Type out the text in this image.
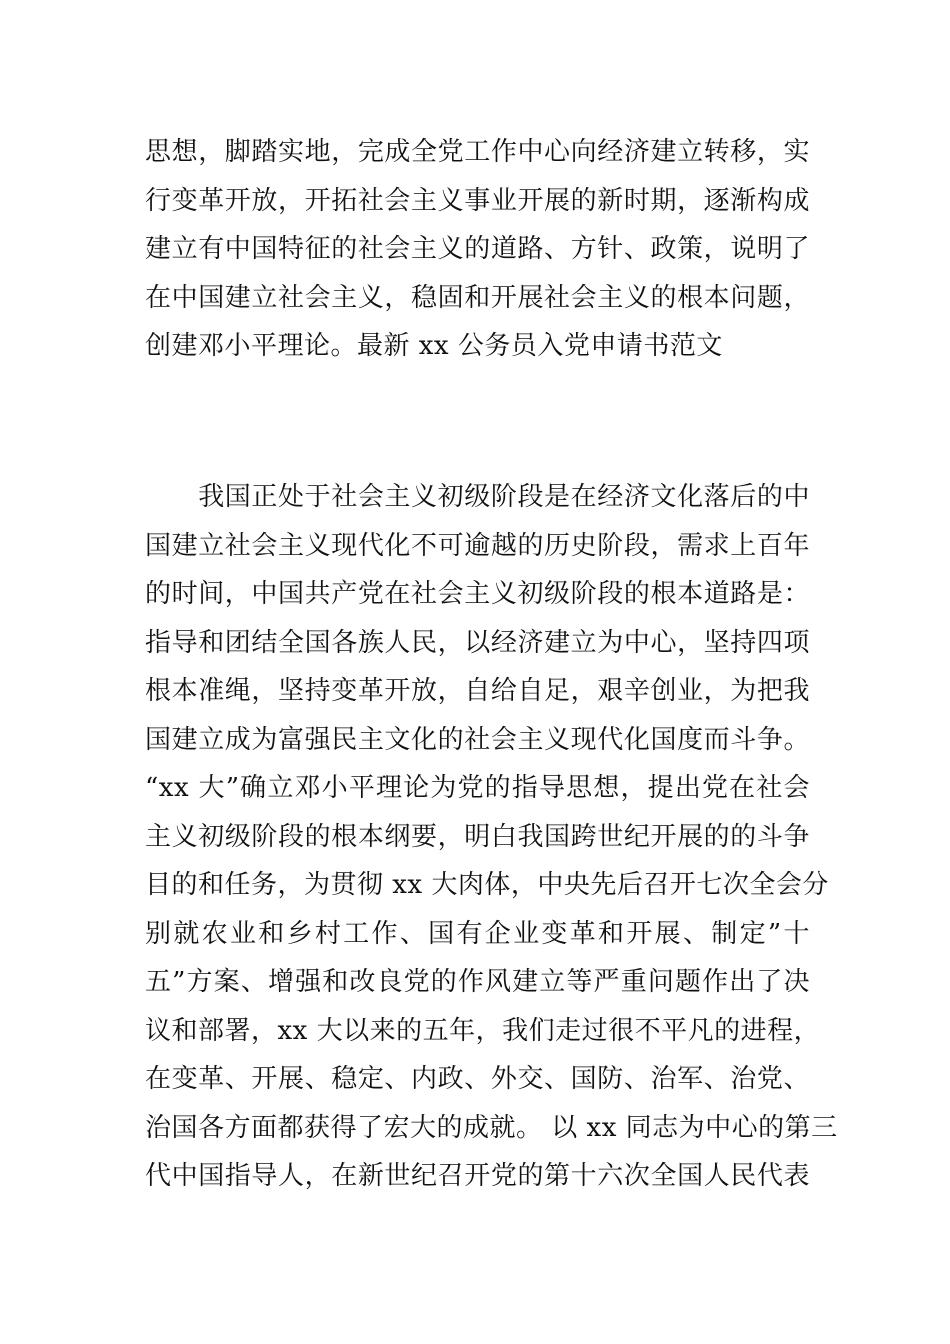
思想，脚踏实地，完成全党工作中心向经济建立转移，实
行变革开放，开拓社会主义事业开展的新时期，逐渐构成
建立有中国特征的社会主义的道路、方针、政策，说明了
在中国建立社会主义，稳固和开展社会主义的根本问题，
创建邓小平理论。最新 xx 公务员入党申请书范文
　　我国正处于社会主义初级阶段是在经济文化落后的中
国建立社会主义现代化不可逾越的历史阶段，需求上百年
的时间，中国共产党在社会主义初级阶段的根本道路是：
指导和团结全国各族人民，以经济建立为中心，坚持四项
根本准绳，坚持变革开放，自给自足，艰辛创业，为把我
国建立成为富强民主文化的社会主义现代化国度而斗争。
“xx 大”确立邓小平理论为党的指导思想，提出党在社会
主义初级阶段的根本纲要，明白我国跨世纪开展的的斗争
目的和任务，为贯彻 xx 大肉体，中央先后召开七次全会分
别就农业和乡村工作、国有企业变革和开展、制定”十
五”方案、增强和改良党的作风建立等严重问题作出了决
议和部署，xx 大以来的五年，我们走过很不平凡的进程，
在变革、开展、稳定、内政、外交、国防、治军、治党、
治国各方面都获得了宏大的成就。 以 xx 同志为中心的第三
代中国指导人，在新世纪召开党的第十六次全国人民代表
